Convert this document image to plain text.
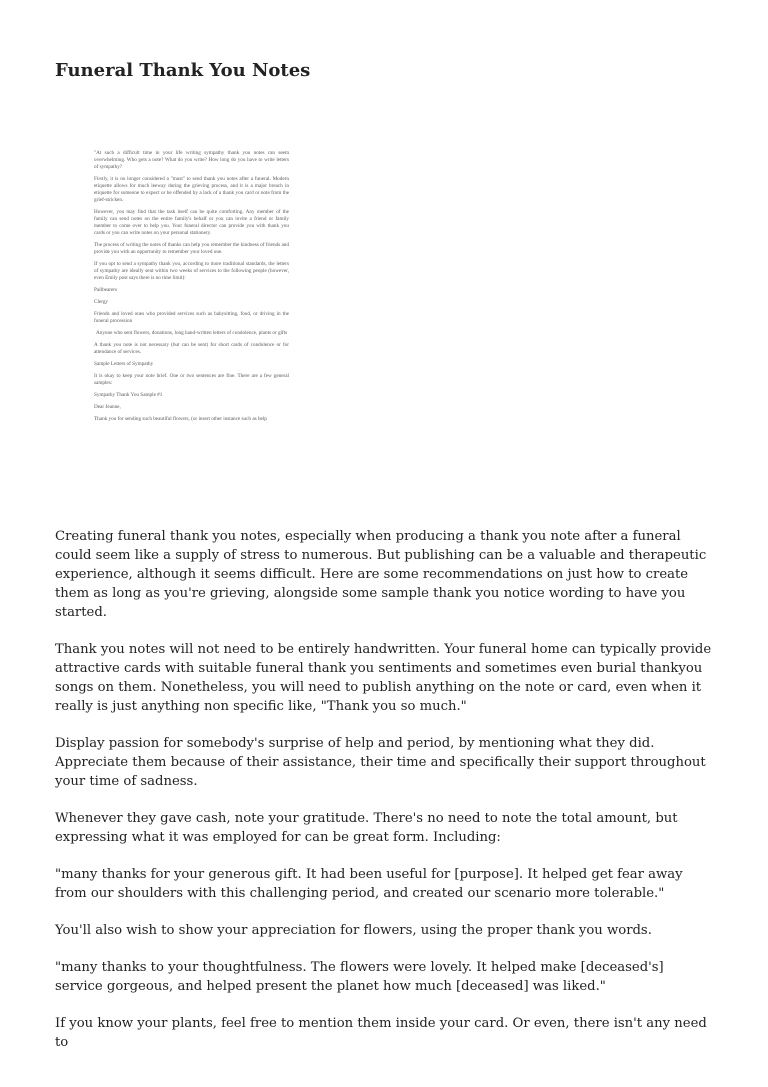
Funeral Thank You Notes

"At such a difficult time in your life writing sympathy thank you notes can seem overwhelming. Who gets a note? What do you write? How long do you have to write letters of sympathy?

Firstly, it is no longer considered a "must" to send thank you notes after a funeral. Modern etiquette allows for much leeway during the grieving process, and it is a major breach in etiquette for someone to expect or be offended by a lack of a thank you card or note from the grief-stricken.

However, you may find that the task itself can be quite comforting. Any member of the family can send notes on the entire family's behalf or you can invite a friend or family member to come over to help you. Your funeral director can provide you with thank you cards or you can write notes on your personal stationery.

The process of writing the notes of thanks can help you remember the kindness of friends and provide you with an opportunity to remember your loved one.

If you opt to send a sympathy thank you, according to more traditional standards, the letters of sympathy are ideally sent within two weeks of services to the following people (however, even Emily post says there is no time limit):

Pallbearers

Clergy

Friends and loved ones who provided services such as babysitting, food, or driving in the funeral procession

Anyone who sent flowers, donations, long hand-written letters of condolence, plants or gifts

A thank you note is not necessary (but can be sent) for short cards of condolence or for attendance of services.

Sample Letters of Sympathy

It is okay to keep your note brief. One or two sentences are fine. There are a few general samples:

Sympathy Thank You Sample #1

Dear Jeanne,

Thank you for sending such beautiful flowers, (or insert other instance such as help

Creating funeral thank you notes, especially when producing a thank you note after a funeral could seem like a supply of stress to numerous. But publishing can be a valuable and therapeutic experience, although it seems difficult. Here are some recommendations on just how to create them as long as you're grieving, alongside some sample thank you notice wording to have you started.

Thank you notes will not need to be entirely handwritten. Your funeral home can typically provide attractive cards with suitable funeral thank you sentiments and sometimes even burial thankyou songs on them. Nonetheless, you will need to publish anything on the note or card, even when it really is just anything non specific like, "Thank you so much."

Display passion for somebody's surprise of help and period, by mentioning what they did. Appreciate them because of their assistance, their time and specifically their support throughout your time of sadness.

Whenever they gave cash, note your gratitude. There's no need to note the total amount, but expressing what it was employed for can be great form. Including:

"many thanks for your generous gift. It had been useful for [purpose]. It helped get fear away from our shoulders with this challenging period, and created our scenario more tolerable."

You'll also wish to show your appreciation for flowers, using the proper thank you words.

"many thanks to your thoughtfulness. The flowers were lovely. It helped make [deceased's] service gorgeous, and helped present the planet how much [deceased] was liked."

If you know your plants, feel free to mention them inside your card. Or even, there isn't any need to
